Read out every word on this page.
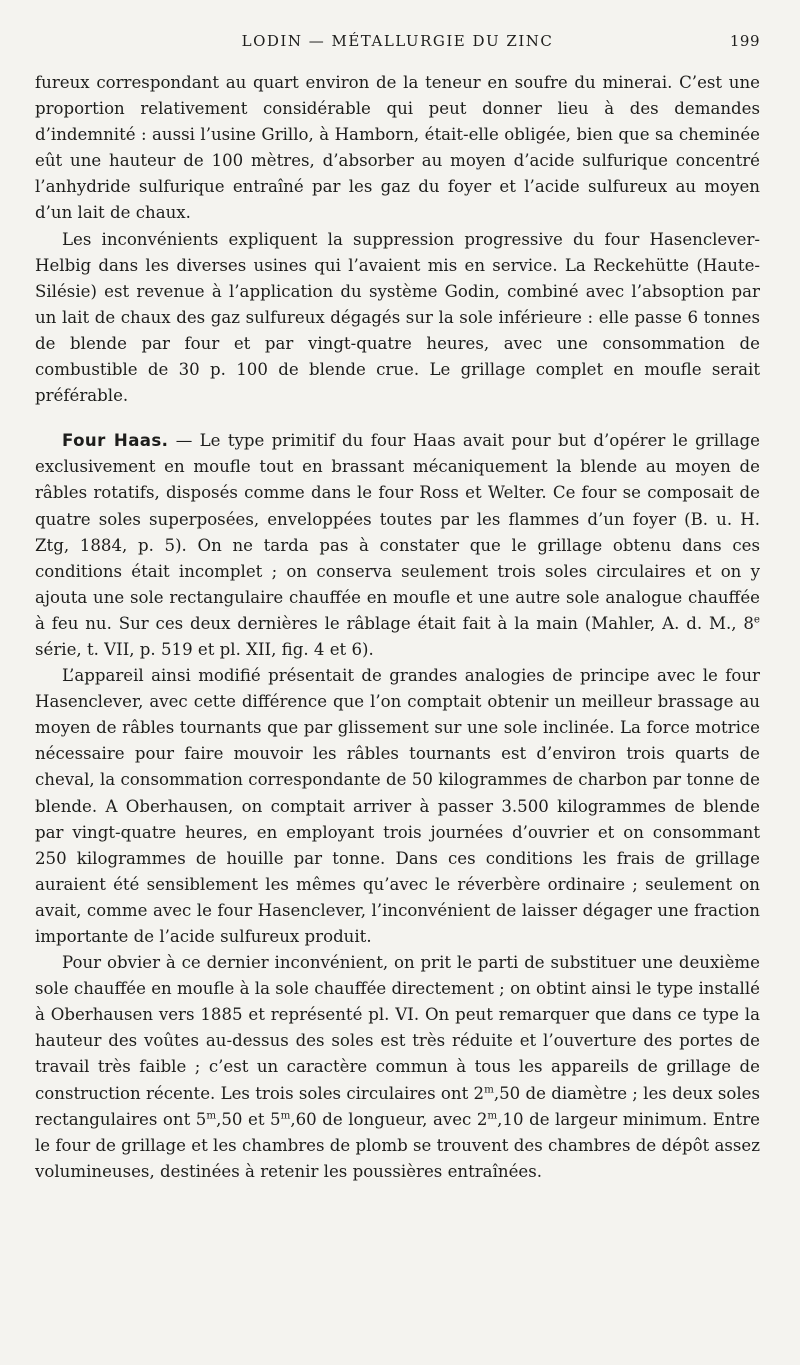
LODIN — MÉTALLURGIE DU ZINC	199

fureux correspondant au quart environ de la teneur en soufre du minerai. C’est une proportion relativement considérable qui peut donner lieu à des demandes d’indemnité : aussi l’usine Grillo, à Hamborn, était-elle obligée, bien que sa cheminée eût une hauteur de 100 mètres, d’absorber au moyen d’acide sulfurique concentré l’anhydride sulfurique entraîné par les gaz du foyer et l’acide sulfureux au moyen d’un lait de chaux.

Les inconvénients expliquent la suppression progressive du four Hasenclever-Helbig dans les diverses usines qui l’avaient mis en service. La Reckehütte (Haute-Silésie) est revenue à l’application du système Godin, combiné avec l’absoption par un lait de chaux des gaz sulfureux dégagés sur la sole inférieure : elle passe 6 tonnes de blende par four et par vingt-quatre heures, avec une consommation de combustible de 30 p. 100 de blende crue. Le grillage complet en moufle serait préférable.

Four Haas. — Le type primitif du four Haas avait pour but d’opérer le grillage exclusivement en moufle tout en brassant mécaniquement la blende au moyen de râbles rotatifs, disposés comme dans le four Ross et Welter. Ce four se composait de quatre soles superposées, enveloppées toutes par les flammes d’un foyer (B. u. H. Ztg, 1884, p. 5). On ne tarda pas à constater que le grillage obtenu dans ces conditions était incomplet ; on conserva seulement trois soles circulaires et on y ajouta une sole rectangulaire chauffée en moufle et une autre sole analogue chauffée à feu nu. Sur ces deux dernières le râblage était fait à la main (Mahler, A. d. M., 8e série, t. VII, p. 519 et pl. XII, fig. 4 et 6).

L’appareil ainsi modifié présentait de grandes analogies de principe avec le four Hasenclever, avec cette différence que l’on comptait obtenir un meilleur brassage au moyen de râbles tournants que par glissement sur une sole inclinée. La force motrice nécessaire pour faire mouvoir les râbles tournants est d’environ trois quarts de cheval, la consommation correspondante de 50 kilogrammes de charbon par tonne de blende. A Oberhausen, on comptait arriver à passer 3.500 kilogrammes de blende par vingt-quatre heures, en employant trois journées d’ouvrier et on consommant 250 kilogrammes de houille par tonne. Dans ces conditions les frais de grillage auraient été sensiblement les mêmes qu’avec le réverbère ordinaire ; seulement on avait, comme avec le four Hasenclever, l’inconvénient de laisser dégager une fraction importante de l’acide sulfureux produit.

Pour obvier à ce dernier inconvénient, on prit le parti de substituer une deuxième sole chauffée en moufle à la sole chauffée directement ; on obtint ainsi le type installé à Oberhausen vers 1885 et représenté pl. VI. On peut remarquer que dans ce type la hauteur des voûtes au-dessus des soles est très réduite et l’ouverture des portes de travail très faible ; c’est un caractère commun à tous les appareils de grillage de construction récente. Les trois soles circulaires ont 2$^m$,50 de diamètre ; les deux soles rectangulaires ont 5$^m$,50 et 5$^m$,60 de longueur, avec 2$^m$,10 de largeur minimum. Entre le four de grillage et les chambres de plomb se trouvent des chambres de dépôt assez volumineuses, destinées à retenir les poussières entraînées.
